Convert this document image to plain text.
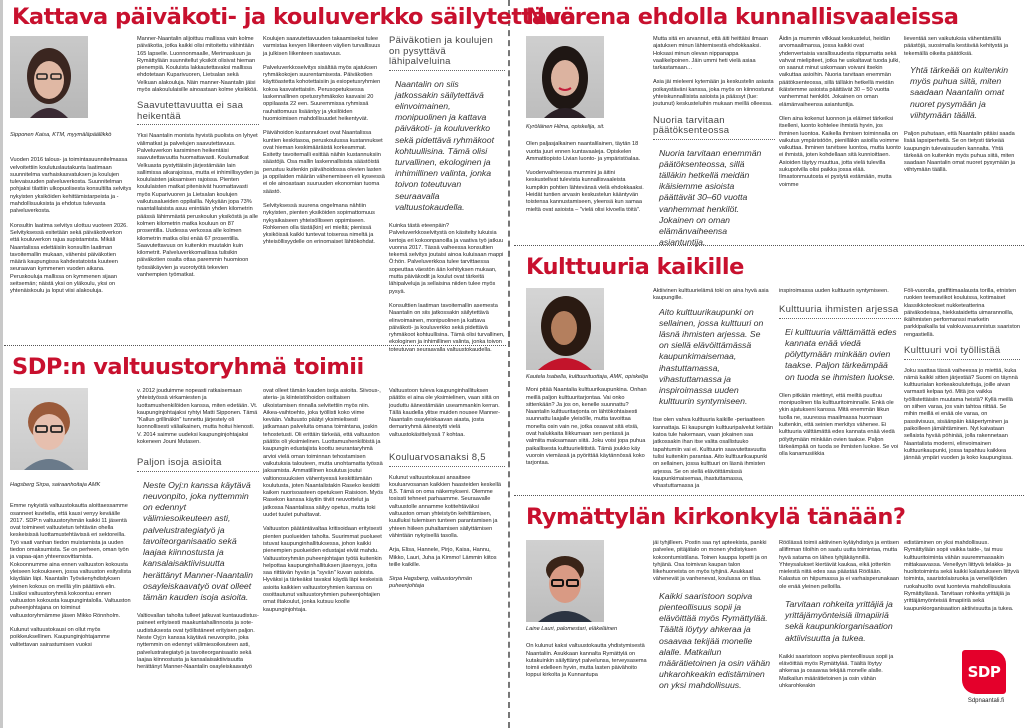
Kattava päiväkoti- ja kouluverkko säilytettävä
Sipponen Kaisa, KTM, myymäläpäällikkö

Vuoden 2016 talous- ja toimintasuunnitelmassa velvoitettiin koulutuslautakunta laatimaan suunnitelma varhaiskasvatuksen ja koulujen tulevaisuuden palveluverkosta. Suunnitelman pohjaksi tilattiin ulkopuolisesta konsultilta selvitys nykyisten yksiköiden kehittämistarpeista ja -mahdollisuuksista ja ehdotus tulevasta palveluverkosta.

Konsultin laatima selvitys ulottuu vuoteen 2026. Selvityksessä esitetään sekä päiväkotiverkon että kouluverkon rajua supistamista. Mikäli Naantalissa edettäisiin konsultin laatiman tavoitemallin mukaan, vähenisi päiväkotien määrä kaupungissa kahdestatoista kuuteen seuraavan kymmenen vuoden aikana. Peruskouluja mallissa on kymmenen sijaan seitsemän; näistä yksi on yläkoulu, yksi on yhtenäiskoulu ja loput viisi alakouluja.

Manner-Naantalin alijoittuu mallissa vain kolme päiväkotia, jotka kaikki olisi mitoitettu vähintään 165 lapselle. Luonnonmaalle, Merimaskuun ja Rymättylään suunnitellut yksiköt olisivat hieman pienempiä. Kouluista lakkautettavaksi mallissa ehdotetaan Kuparivuoren, Lietsalan sekä Velkuan alakouluja. Näin manner-Naantalin jäisi myös alakoululaisille ainoastaan kolme yksikköä.

Saavutettavuutta ei saa heikentää

Yksi Naantalin monista hyvistä puolista on lyhyet välimatkat ja palvelujen saavutettavuus. Palveluverkon karsiminen heikentäisi saavutettavuutta huomattavasti. Koulumatkat Velkuasta pystyttäisiin järjestämään lain sallimissa aikarajoissa, mutta ei inhimillisyyden ja koululaisten jaksamisen rajoissa. Pienten koululaisten matkat pitenisivät huomattavasti myös Kuparivuoren ja Lietsalan koulujen vaikutusalueiden oppilailla. Nykyään jopa 73% naantalilaisista asuu enintään yhden kilometrin päässä lähimmästä peruskoulun yksiköstä ja alle kolmen kilometrin matka kouluun on 87 prosentilla. Uudessa verkossa alle kolmen kilometrin matka olisi enää 67 prosentilla. Saavutettavuus on kuitenkin muutakin kuin kilometrit. Palveluverkkomallissa tulisikin päiväkotien osalta ottaa paremmin huomioon työssäkäyvien ja vuorotyötä tekevien vanhempien työmatkat.

Koulujen saavutettavuuden takaamiseksi tulee varmistaa kevyen liikenteen väylien turvallisuus ja julkisen liikenteen saatavuus.

Palveluverkkoselvitys sisältää myös ajatuksen ryhmäkokojen suurentamisesta. Päiväkotien käyttöastetta kohotettaisiin ja esiopetusryhmien kokoa kasvatettaisiin. Perusopetuksessa laskennallinen opetusryhmäkoko kasvaisi 20 oppilaasta 22 een. Suuremmissa ryhmissä rauhattomuus lisääntyy ja yksilöiden huomioimisen mahdollisuudet heikentyvät.

Päivähoidon kustannukset ovat Naantalissa kuntien keskitasoa, peruskoulussa kustannukset ovat hieman keskimääräistä korkeammat. Esitetty tavoitemalli esittää näihin kustannuksiin säästöjä. Osa mallin laskennallisista säästöistä perustuu kuitenkin päivähoidossa olevien lasten ja oppilaiden määrän vähenemiseen eli kyseessä ei ole ainoastaan suuruuden ekonomian tuoma säästö.

Selvityksessä suurena ongelmana nähtiin nykyisten, pienten yksiköiden sopimattomuus nykyaikaiseen yhteisölliseen oppimiseen. Rohkenen olla tästä(kin) eri mieltä; pienissä yksiköissä kaikki tuntevat toisensa nimeltä ja yhteisöllisyydelle on erinomaiset lähtökohdat.

Päiväkotien ja koulujen on pysyttävä lähipalveluina
Naantalin on siis jatkossakin säilytettävä elinvoimainen, monipuolinen ja kattava päiväkoti- ja kouluverkko sekä pidettävä ryhmäkoot kohtuullisina. Tämä olisi turvallinen, ekologinen ja inhimillinen valinta, jonka toivon toteutuvan seuraavalla valtuustokaudella.

Kuinka tästä eteenpäin? Palveluverkkoselvitystä on käsitelty lukuisia kertoja eri kokoonpanoilla ja vaativa työ jatkuu vuonna 2017. Tässä vaiheessa konsultien tekemä selvitys joutaisi ainoa kuluisaan mappi Ö:hön. Palveluverkkoa tulee tarvittaessa sopeuttaa väestön ään kehityksen mukaan, mutta päiväkodit ja koulut ovat tärkeitä lähipalveluja ja sellaisina niiden tulee myös pysyä.

Konsulttien laatiman tavoitemallin asemesta Naantalin on siis jatkossakin säilytettävä elinvoimainen, monipuolinen ja kattava päiväkoti- ja kouluverkko sekä pidettävä ryhmäkoot kohtuullisina. Tämä olisi turvallinen, ekologinen ja inhimillinen valinta, jonka toivon toteutuvan seuraavalla valtuustokaudella.

SDP:n valtuustoryhmä toimii
Hagsberg Sirpa, sairaanhoitaja AMK

Emme nykyistä valtuustokautta aloittaessamme osanneet kuvitella, että kausi venyy keväälle 2017. SDP:n valtuustoryhmän kaikki 11 jäsentä ovat toimineet valtuutetun tehtävän ohella keskeisissä luottamustehtävissä eri sektoreilla. Työ vaati vanhan tiedon muistamista ja uuden tiedon omaksumista. Se on perheen, oman työn ja vapaa-ajan yhteensovittamista. Kokoonnumme aina ennen valtuuston kokousta yleiseen kokoukseen, jossa valtuuston esityslista käydään läpi. Naantalin Työväenyhdistyksen yleinen kokous on meillä ylin päättävä elin. Lisäksi valtuustoryhmä kokoontuu ennen valtuuston kokousta kaupungintalolla. Valtuuston puheenjohtajana on toiminut valtuustoryhmämme jäsen Mikko Rönnholm.

Kulunut valtuustokausi on ollut myös poikkeuksellinen. Kaupunginjohtajamme valitettavan sairastumisen vuoksi

v. 2012 jouduimme nopeasti ratkaisemaan yhteistyössä virkamiesten ja luottamushenkilöiden kanssa, miten edetään. Vt. kaupunginjohtajaksi ryhtyi Matti Sipponen. Tämä "Kallun grillinäkin" tunnettu järjestely oli luonnollisesti väliaikainen, mutta hoitui hienosti. V. 2014 saimme uudeksi kaupunginjohtajaksi kokeneen Jouni Mutasen.

Paljon isoja asioita
Neste Oyj:n kanssa käytävä neuvonpito, joka nyttemmin on edennyt välimiesoikeuteen asti, palvelustrategiatyö ja tavoiteorganisaatio sekä laajaa kiinnostusta ja kansalaisaktiivisuutta herättänyt Manner-Naantalin osayleiskaavatyö ovat olleet tämän kauden isoja asioita.

Valtiovallan taholta tulleet jatkuvat kuntauudistuspaineet erityisesti maakuntahallinnosta ja sote-uudistuksesta ovat työllistäneet erityisen paljon. Neste Oyj:n kanssa käytävä neuvonpito, joka nyttemmin on edennyt välimiesoikeuteen asti, palvelustrategiatyö ja tavoiteorganisaatio sekä laajaa kiinnostusta ja kansalaisaktiivisuutta herättänyt Manner-Naantalin osayleiskaavatyö

ovat olleet tämän kauden isoja asioita. Siivous-, ateria- ja kiinteistöhoidon osittaisen ulkoistamisen rinnalla selvitettiin myös niin. Aikea-vaihtoehto, joka työllisti koko viime kevään. Valtuusto päätyi yksimielisesti jatkamaan palveluita omana toimintana, joskin tehostetusti. Oli erittäin tärkeää, että valtuuston päätös oli yksimielinen. Luottamushenkilöistä ja kaupungin edustajista koottu seurantaryhmä arvioi vielä oman toiminnan tehostamisen vaikutuksia talouteen, mutta unohtamatta työssä jaksamista. Ammatillinen koulutus joutui valtionosuuksien vähentyessä keskittämään koulutusta, joten Naantalistakin Raseko keskitti kaiken nuorisoasteen opetuksen Raisioon. Myös Rasekon kanssa käytiin tiiviit neuvottelut ja jatkossa Naantalissa säilyy opetus, mutta toki uudet tuulet puhaltavat.

Valtuuston päätäntävaltaa kritisoidaan erityisesti pienten puolueiden taholta. Suurimmat puolueet istuvat kaupunginhallituksessa, johon kaikki pienempien puolueiden edustajat eivät mahdu. Valtuustoryhmän puheenjohtajan työtä kuitenkin helpottaa kaupunginhallituksen jäsenyys, jotta saa riittävän hyvän ja "syvän" kuvan asioista. Hyväksi ja tärkeäksi tavaksi käydä läpi keskeisiä asioita kaikkien valtuustoryhmien kanssa on osoittautunut valtuustoryhmien puheenjohtajien omat iltakoulut, jonka kutsuu koolle kaupunginjohtaja.

Valtuustoon tuleva kaupunginhallituksen päätös ei aina ole yksimielinen, vaan siitä on jouduttu äänestämään useammankin kerran. Tällä kaudella ylitse muiden nousee Manner-Naantalin osayleiskaavan aiasta, josta demariryhmä äänestytti vielä valtuustokäsittelyssä 7 kohtaa.

Kouluarvosanaksi 8,5

Kulunut valtuustokausi ansaitsee kouluarvosanan kaikkien haasteiden keskellä 8,5. Tämä on oma näkemykseni. Olemme tosissti tehneet parhaamme. Seuraavalle valtuustolle annamme kotitehtäväksi valtuuston oman yhteistyön kehittämisen, kuulluksi tulemisen tunteen parantamisen ja yhteen hiileen puhaltamisen säilyttämisen vähintään nykyisellä tasolla.

Arja, Elisa, Hannele, Pirjo, Kaisa, Hannu, Mikko, Lauri, Juha ja Kimmo! Lämmin kiitos teille kaikille.

Sirpa Hagsberg, valtuustoryhmän puheenjohtaja

Nuorena ehdolla kunnallisvaaleissa
Kyröläinen Hilma, opiskelija, sit.

Olen paljasjalkainen naantalilainen, täytän 18 vuotta juuri ennen kuntavaaleja. Opiskelen Ammattiopisto Livian luonto- ja ympäristöalaa.

Vuodenvaihteessa mummini ja äitini keskustelivat tulevista kunnallisvaaleista kumpikin pohtien lähtevänsä vielä ehdokkaaksi. Heidät tuntien arvasin keskustelun kääntyvän toistensa kannustamiseen, yleensä kun samaa mieltä ovat asioista – "vielä olisi kivoella töitä".

Mutta sitä en arvannut, että äiti heittäisi ilmaan ajatuksen minun lähtemisestä ehdokkaaksi. Hoksasi minun olevan nippanappa vaalikelpoinen. Jäin ummi heti vielä asiaa tarkastamaan…

Asia jäi mieleeni kytemään ja keskustelin asiasta poikaystäväni kanssa, joka myös on kiinnostunut yhteiskunnallisista asioista ja päässyt (lue: joutunut) keskusteluihin mukaan meillä olleessa.

Nuoria tarvitaan päätöksenteossa
Nuoria tarvitaan enemmän päätöksenteossa, sillä tälläkin hetkellä meidän ikäisiemme asioista päättävät 30–60 vuotta vanhemmat henkilöt. Jokainen on oman elämänvaiheensa asiantuntija.

Äidin ja mummin vilkkaat keskustelut, heidän arvomaailmansa, jossa kaikki ovat yhdenvertaisia varallisuudesta riippumatta sekä vahvat mielipiteet, jotka he uskaltavat tuoda julki, on saanut minut uskomaan voivani itsekin vaikuttaa asioihin. Nuoria tarvitaan enemmän päätöksenteossa, sillä tälläkin hetkellä meidän ikäistemme asioista päättävät 30 – 50 vuotta vanhemmat henkilöt. Jokainen on oman elämänvaiheensa asiantuntija.

Olen aina kokenut luonnon ja eläimet tärkeiksi itselleni, luonto kohtelee ihmistä hyvin, jos ihminen luontoa. Kaikella ihmisen toiminnalla on vaikutus ympäristöön, pienilläkin asioilla voimme vaikuttaa. Ihminen tarvitsee luontoa, mutta luonto ei ihmistä, joten kohdellaan sitä kunnioittaen. Asioiden täytyy muuttua, jotta vielä tulevilla sukupolvilla olisi paikka jossa elää. Ilmastonmuutosta ei pystytä estämään, mutta voimme

lieventää sen vaikutuksia vähentämällä päästöjä, suosimalla kestävää kehitystä ja tekemällä oikeita päätöksiä.

Yhtä tärkeää on kuitenkin myös puhua siitä, miten saadaan Naantalin omat nuoret pysymään ja viihtymään täällä.

Paljon puhutaan, että Naantalin pitäisi saada lisää lapsiperheitä. Se on tietysti tärkeää kaupungin tulevaisuuden kannalta. Yhtä tärkeää on kuitenkin myös puhua siitä, miten saadaan Naantalin omat nuoret pysymään ja viihtymään täällä.

Kulttuuria kaikille
Kautela Isabella, kulttuurituottaja, AMK, opiskelija

Moni pitää Naantalia kulttuurikaupunkina. Onhan meillä paljon kulttuuritarjontaa. Vai onko sittenkään? Ja jos on, kenelle suunnattu? Naantalin kulttuuritarjonta on lähtökohtaisesti suunnattu laajalle yleisölle, mutta tavoittaa monelta osin vain ne, jotka osaavat sitä etsiä, ovat halukkaita liikkumaan sen perässä ja valmiita maksamaan siitä. Joku voisi jopa puhua paikallisesta kulttuurieliitistä. Tämä joukko käy vuoroin viemässä ja pyörittää käytännössä koko tarjontaa.

Aktiivinen kulttuurielämä toki on aina hyvä asia kaupungille.

Aito kulttuurikaupunki on sellainen, jossa kulttuuri on läsnä ihmisten arjessa. Se on siellä elävöittämässä kaupunkimaisemaa, ihastuttamassa, vihastuttamassa ja inspiroimassa uuden kulttuurin syntymiseen.

Itse olen vahva kulttuuria kaikille -periaatteen kannattaja. Ei kaupungin kulttuuripalvelut ketään katoa tule hakemaan, vaan jokainen saa jatkossakin ihan itse valita osallistuuko tapahtumiin vai ei. Kulttuurin saavutettavuutta tulisi kuitenkin parantaa. Aito kulttuurikaupunki on sellainen, jossa kulttuuri on läsnä ihmisten arjessa. Se on siellä elävöittämässä kaupunkimaisemaa, ihastuttamassa, vihastuttamassa ja

inspiroimassa uuden kulttuurin syntymiseen.

Kulttuuria ihmisten arjessa
Ei kulttuuria välttämättä edes kannata enää viedä pölyttymään minkään ovien taakse. Paljon tärkeämpää on tuoda se ihmisten luokse.

Olen pitkään miettinyt, että meiltä puuttuu monipuolinen tila kulttuuritoiminnalle. Enkä ole ykin ajatukseni kanssa. Mitä enemmän liikun tuolla ne, suuressa maailmassa huomaan kuitenkin, että seinien merkitys vähenee. Ei kulttuuria välttämättä edes kannata enää viedä pölyttymään minkään ovien taakse. Paljon tärkeämpää on tuoda se ihmisten luokse. Se voi olla kanamusiikkia

Föli-vuorolla, graffitimaalausta torilla, etnisten ruokien teemaviikot kouluissa, kotimaiset klassikkoteokset nukketeatterina päiväkodeissa, hiekkataidetta uimarannoilla, ikäihmisten performanssi marketin parkkipaikalla tai valokuvasuunnistus saariston rengastiellä.

Kulttuuri voi työllistää

Joku saattaa tässä vaiheessa jo miettiä, kuka nämä kaikki sitten järjestää? Suomi on täynnä kulttuurialan korkeakoulutettuja, joille aivan varmasti kelpaa työ. Mitä jos vaikka työllistettäisiin muutama heistä? Kyllä meillä on siihen varaa, jos vain tahtoa riittää. Se mihin meillä ei enää ole varaa, on passiivisuus, sisäänpäin kääpertyminen ja paikoilleen jämähtäminen. Nyt kaivataan sellaista hyvää pöhinää, jolla rakennetaan Naantalista moderni, elinvoimainen kulttuurikaupunki, jossa tapahtuu kaikkea jännää ympäri vuoden ja koko kaupungissa.

Rymättylän kirkonkylä tänään?
Laine Lauri, palomestari, eläkeläinen

On kulunut kaksi valtuustokautta yhdistymisestä Naantaliin. Asukkaan kannalta Rymättylä on kutakuinkin säilyttänyt palvelunsa, terveysasema toimii edelleen hyvin, mutta lasten päivähoito loppui kirkolta ja Kunnantupa

jäi tyhjilleen. Postin saa nyt apteekista, pankki palvelee, pitäjätalo on monen yhdistyksen kokoontumistilana. Toinen kauppa lopetti ja on tyhjänä. Osa toimivan kaupan talon liikehuoneista on myös tyhjinä. Asukkaat vähenevät ja vanhenevat, koulussa on tilaa.

Kaikki saaristoon sopiva pienteollisuus sopii ja elävöittää myös Rymättylää. Täältä löytyy ahkeraa ja osaavaa tekijää monelle alalle. Matkailun määrätietoinen ja osin vähän uhkarohkeakin edistäminen on yksi mahdollisuus.

Röölässä toimii aktiivinen kyläyhdistys ja entisen allifirman tiloihin on saatu uutta toimintaa, mutta hyvä satama on lähes tyhjäkäynnillä. Yhteysalukset kiertävät kaukaa, eikä jotterkin mielestä niitä edes saa päästää Röölään. Kalastus on hiipumassa ja ei varhaisperunakaan ole enää yleinen pelloilla.

Tarvitaan rohkeita yrittäjiä ja yrittäjämyönteisiä ilmapiiriä sekä kaupunkiorganisaation aktiivisuutta ja tukea.

Kaikki saaristoon sopiva pienteollisuus sopii ja elävöittää myös Rymättylää. Täältä löytyy ahkeraa ja osaavaa tekijää monelle alalle. Matkailun määrätietoinen ja osin vähän uhkarohkeakin

edistäminen on yksi mahdollisuus. Rymättylään sopii vaikka taide-, tai muu kulttuuritoiminta vähän suuremmassakin mittakaavassa. Veneilyyn liittyvä telakka- ja huoltotoiminta sekä kaikki kalastukseen liittyvä toiminta, saaristolaisruoka ja veneilijöiden ruokahuolto ovat luontevia mahdollisuuksia Rymättylässä. Tarvitaan rohkeita yrittäjiä ja yrittäjämyönteisiä ilmapiiriä sekä kaupunkiorganisaation aktiivisuutta ja tukea.

SDP
Sdpnaantali.fi
